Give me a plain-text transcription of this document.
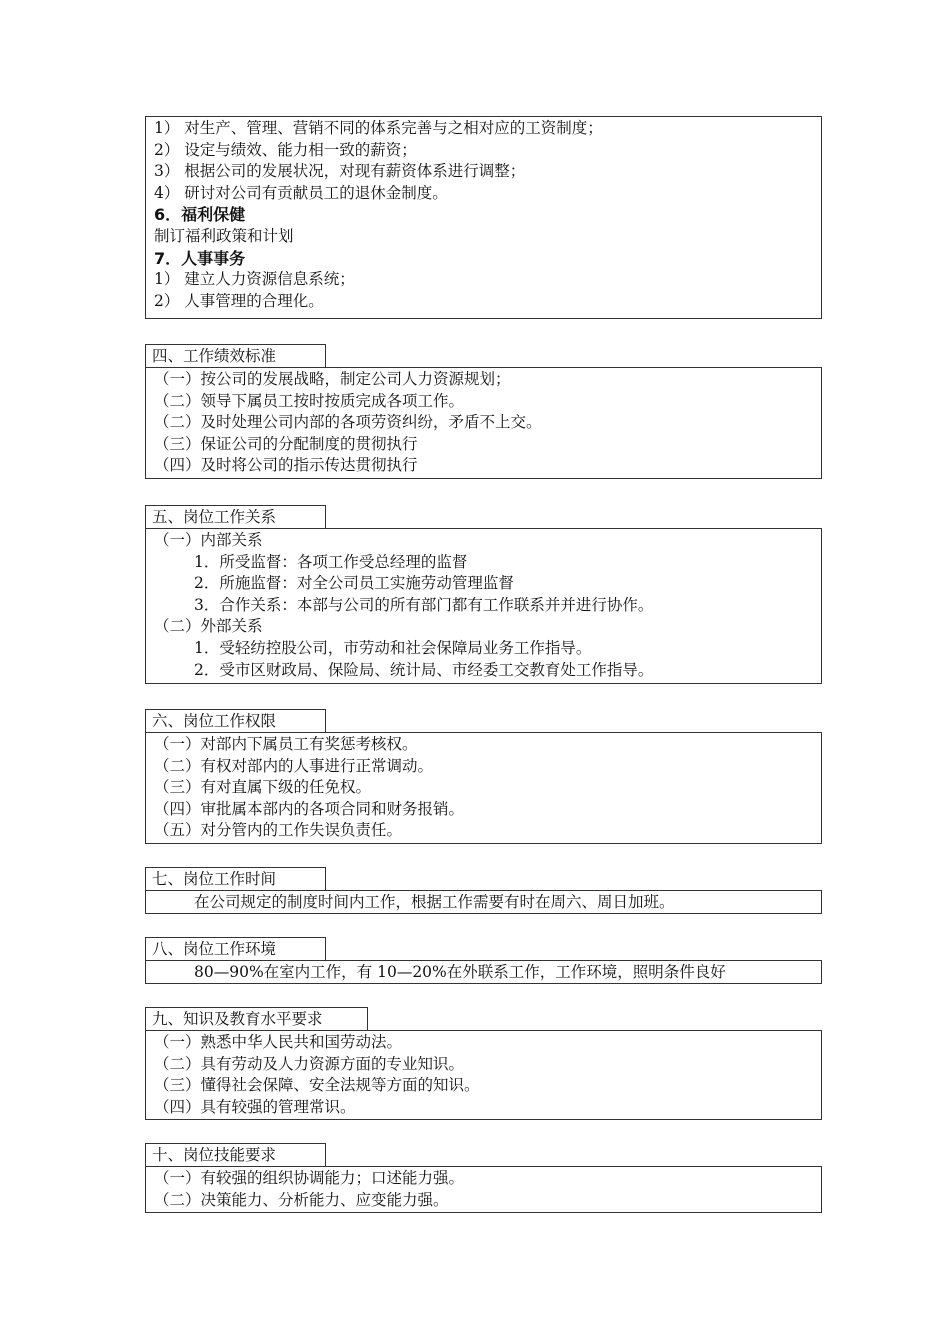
1） 对生产、管理、营销不同的体系完善与之相对应的工资制度；
2） 设定与绩效、能力相一致的薪资；
3） 根据公司的发展状况，对现有薪资体系进行调整；
4） 研讨对公司有贡献员工的退休金制度。
6．福利保健
制订福利政策和计划
7．人事事务
1） 建立人力资源信息系统；
2） 人事管理的合理化。
四、工作绩效标准
（一）按公司的发展战略，制定公司人力资源规划；
（二）领导下属员工按时按质完成各项工作。
（二）及时处理公司内部的各项劳资纠纷，矛盾不上交。
（三）保证公司的分配制度的贯彻执行
（四）及时将公司的指示传达贯彻执行
五、岗位工作关系
（一）内部关系
1．所受监督：各项工作受总经理的监督
2．所施监督：对全公司员工实施劳动管理监督
3．合作关系：本部与公司的所有部门都有工作联系并并进行协作。
（二）外部关系
1．受轻纺控股公司，市劳动和社会保障局业务工作指导。
2．受市区财政局、保险局、统计局、市经委工交教育处工作指导。
六、岗位工作权限
（一）对部内下属员工有奖惩考核权。
（二）有权对部内的人事进行正常调动。
（三）有对直属下级的任免权。
（四）审批属本部内的各项合同和财务报销。
（五）对分管内的工作失误负责任。
七、岗位工作时间
在公司规定的制度时间内工作，根据工作需要有时在周六、周日加班。
八、岗位工作环境
80—90%在室内工作，有 10—20%在外联系工作，工作环境，照明条件良好
九、知识及教育水平要求
（一）熟悉中华人民共和国劳动法。
（二）具有劳动及人力资源方面的专业知识。
（三）懂得社会保障、安全法规等方面的知识。
（四）具有较强的管理常识。
十、岗位技能要求
（一）有较强的组织协调能力；口述能力强。
（二）决策能力、分析能力、应变能力强。
